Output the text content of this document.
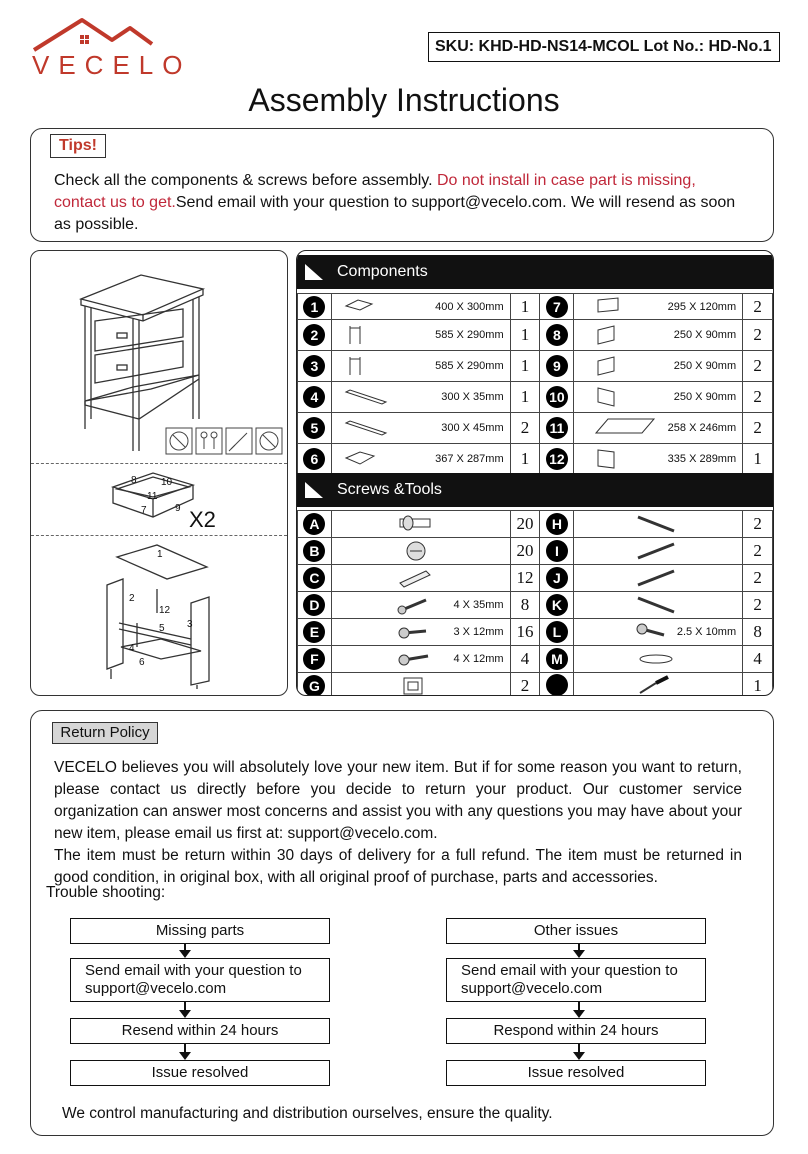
VECELO
SKU: KHD-HD-NS14-MCOL Lot No.: HD-No.1
Assembly Instructions
Tips!
Check all the components & screws before assembly. Do not install in case part is missing, contact us to get.Send email with your question to support@vecelo.com. We will resend as soon as possible.
8 10
11
7	9 X2
1
2
12
5 3
4
6
Components
1	400 X 300mm	1	7	295 X 120mm	2
2	585 X 290mm	1	8	250 X 90mm	2
3	585 X 290mm	1	9	250 X 90mm	2
4	300 X 35mm	1	10	250 X 90mm	2
5	300 X 45mm	2	11	258 X 246mm	2
6	367 X 287mm	1	12	335 X 289mm	1
Screws &Tools
A		20	H		2
B		20	I		2
C		12	J		2
D	4 X 35mm	8	K		2
E	3 X 12mm	16	L	2.5 X 10mm	8
F	4 X 12mm	4	M		4
G		2			1
Return Policy
VECELO believes you will absolutely love your new item. But if for some reason you want to return, please contact us directly before you decide to return your product. Our customer service organization can answer most concerns and assist you with any questions you may have about your new item, please email us first at: support@vecelo.com.
The item must be return within 30 days of delivery for a full refund. The item must be returned in good condition, in original box, with all original proof of purchase, parts and accessories.
Trouble shooting:
Missing parts
Send email with your question to support@vecelo.com
Resend within 24 hours
Issue resolved
Other issues
Send email with your question to support@vecelo.com
Respond within 24 hours
Issue resolved
We control manufacturing and distribution ourselves, ensure the quality.
